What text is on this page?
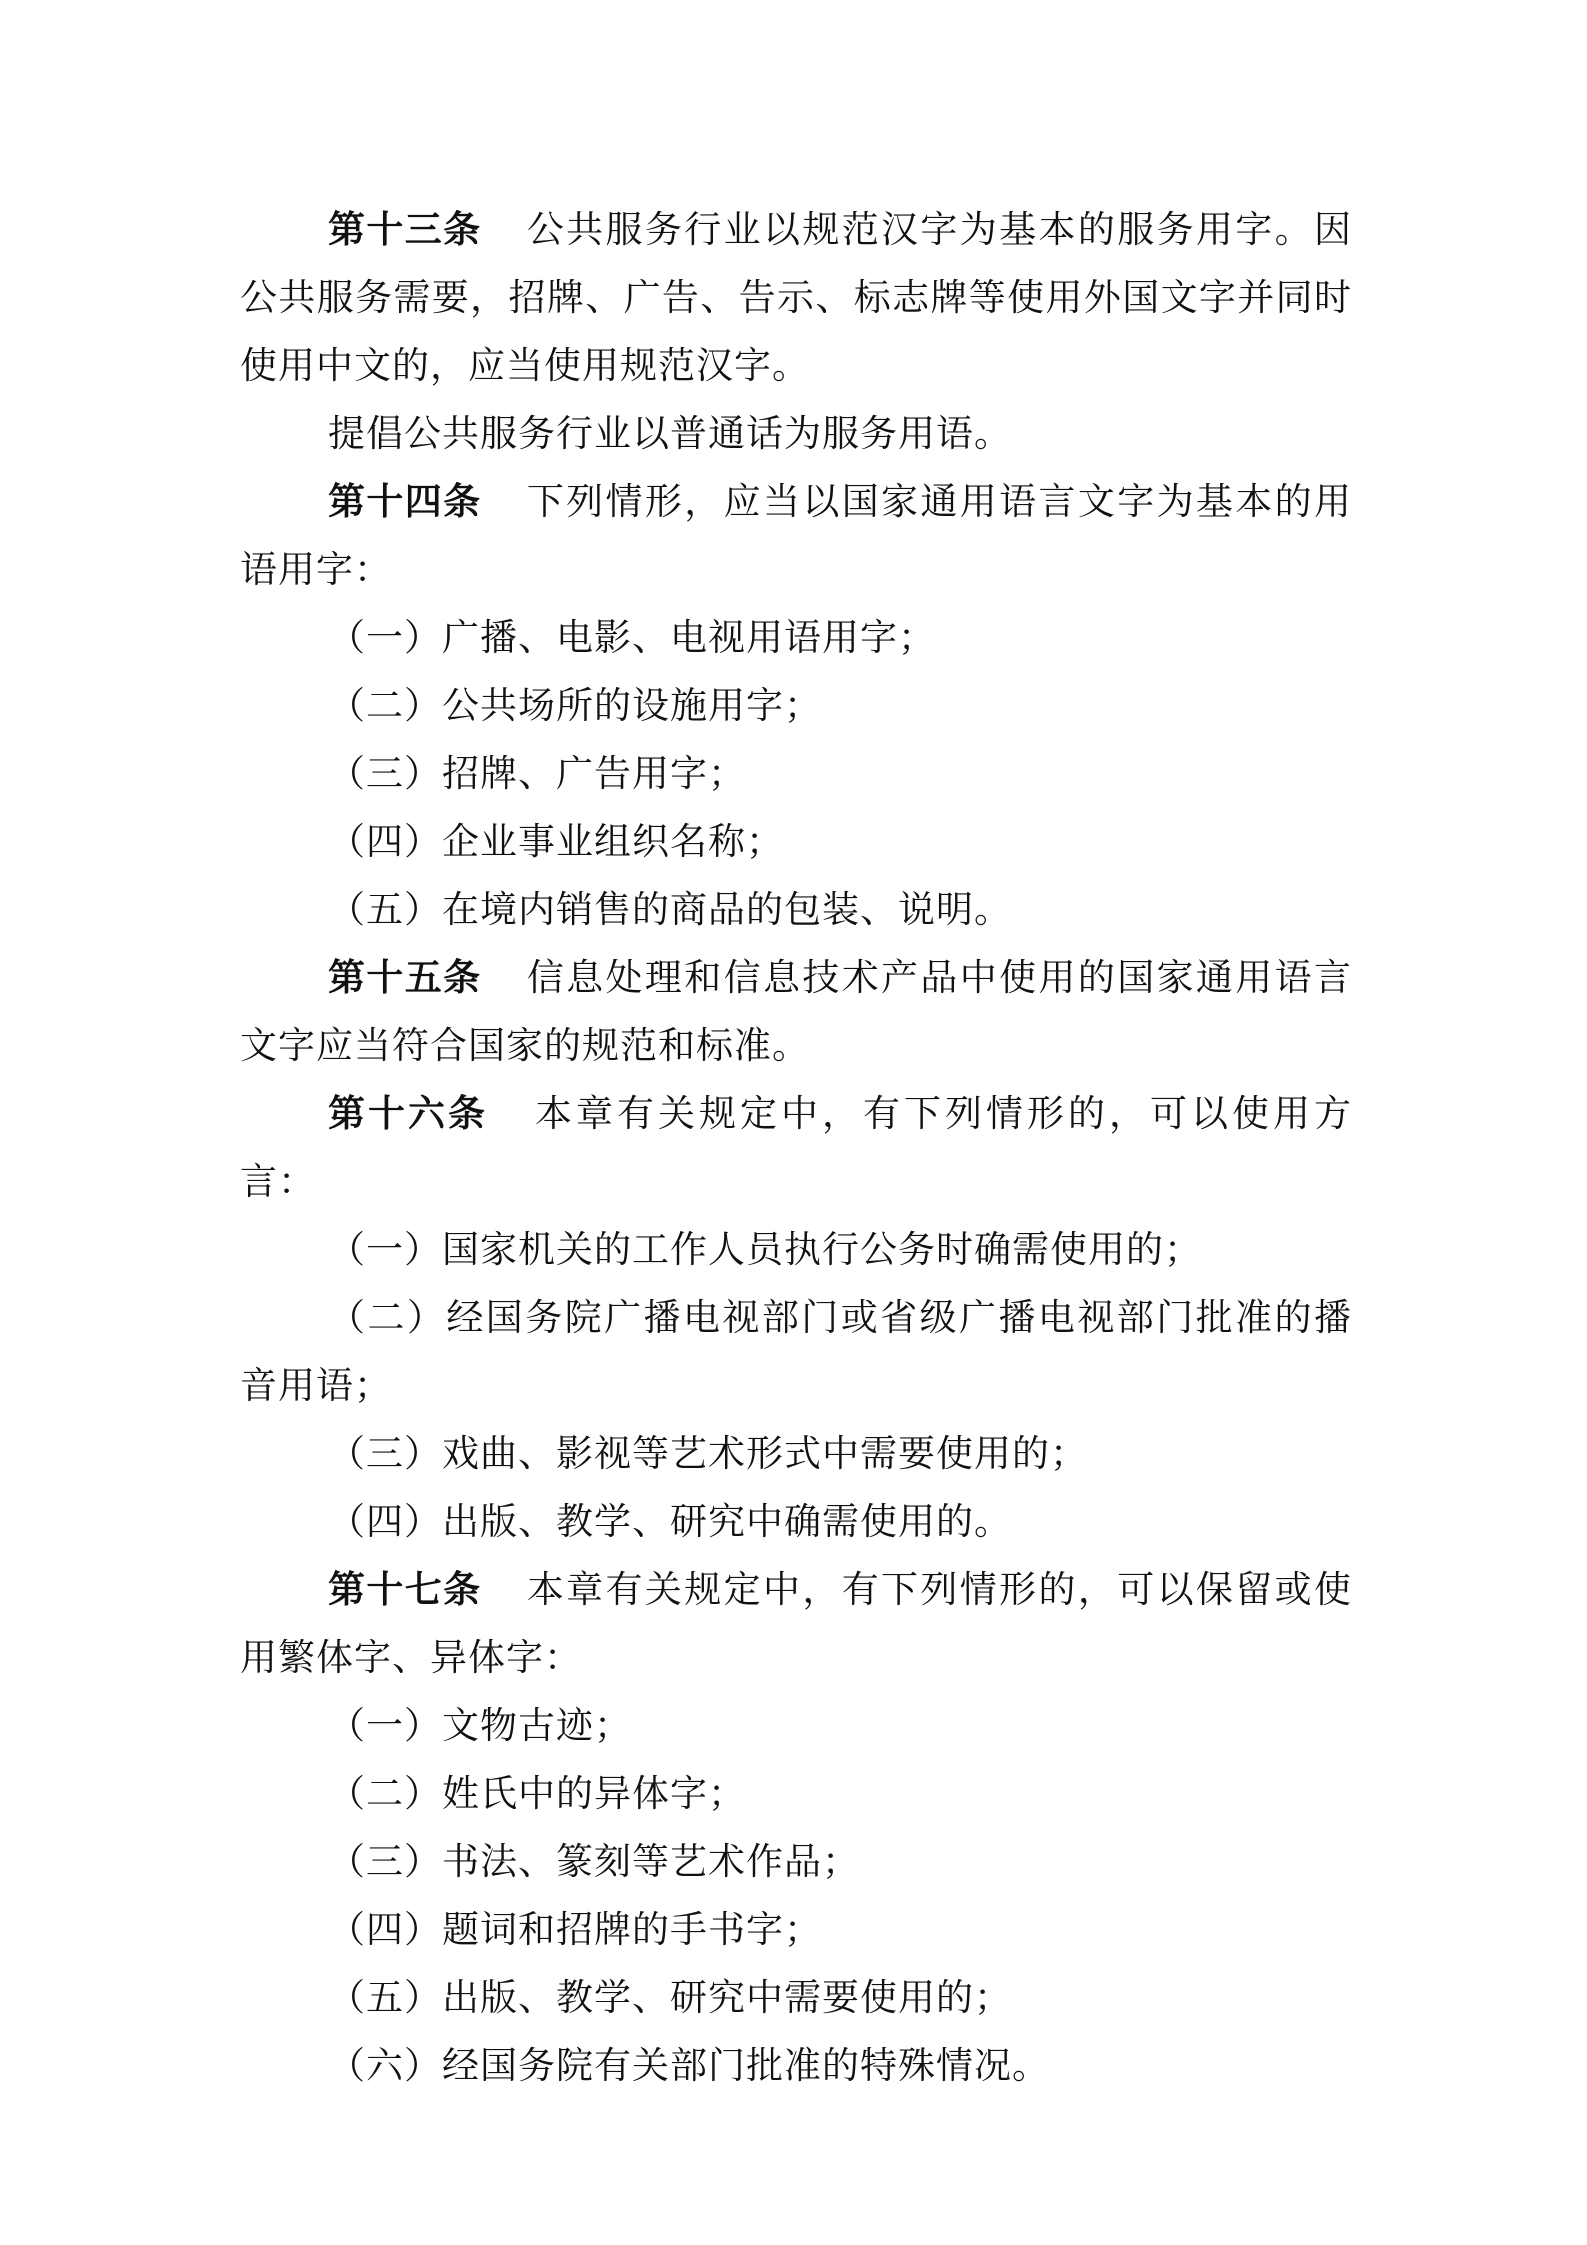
第十三条 公共服务行业以规范汉字为基本的服务用字。因公共服务需要，招牌、广告、告示、标志牌等使用外国文字并同时使用中文的，应当使用规范汉字。

提倡公共服务行业以普通话为服务用语。

第十四条 下列情形，应当以国家通用语言文字为基本的用语用字：

（一）广播、电影、电视用语用字；

（二）公共场所的设施用字；

（三）招牌、广告用字；

（四）企业事业组织名称；

（五）在境内销售的商品的包装、说明。

第十五条 信息处理和信息技术产品中使用的国家通用语言文字应当符合国家的规范和标准。

第十六条 本章有关规定中，有下列情形的，可以使用方言：

（一）国家机关的工作人员执行公务时确需使用的；

（二）经国务院广播电视部门或省级广播电视部门批准的播音用语；

（三）戏曲、影视等艺术形式中需要使用的；

（四）出版、教学、研究中确需使用的。

第十七条 本章有关规定中，有下列情形的，可以保留或使用繁体字、异体字：

（一）文物古迹；

（二）姓氏中的异体字；

（三）书法、篆刻等艺术作品；

（四）题词和招牌的手书字；

（五）出版、教学、研究中需要使用的；

（六）经国务院有关部门批准的特殊情况。
